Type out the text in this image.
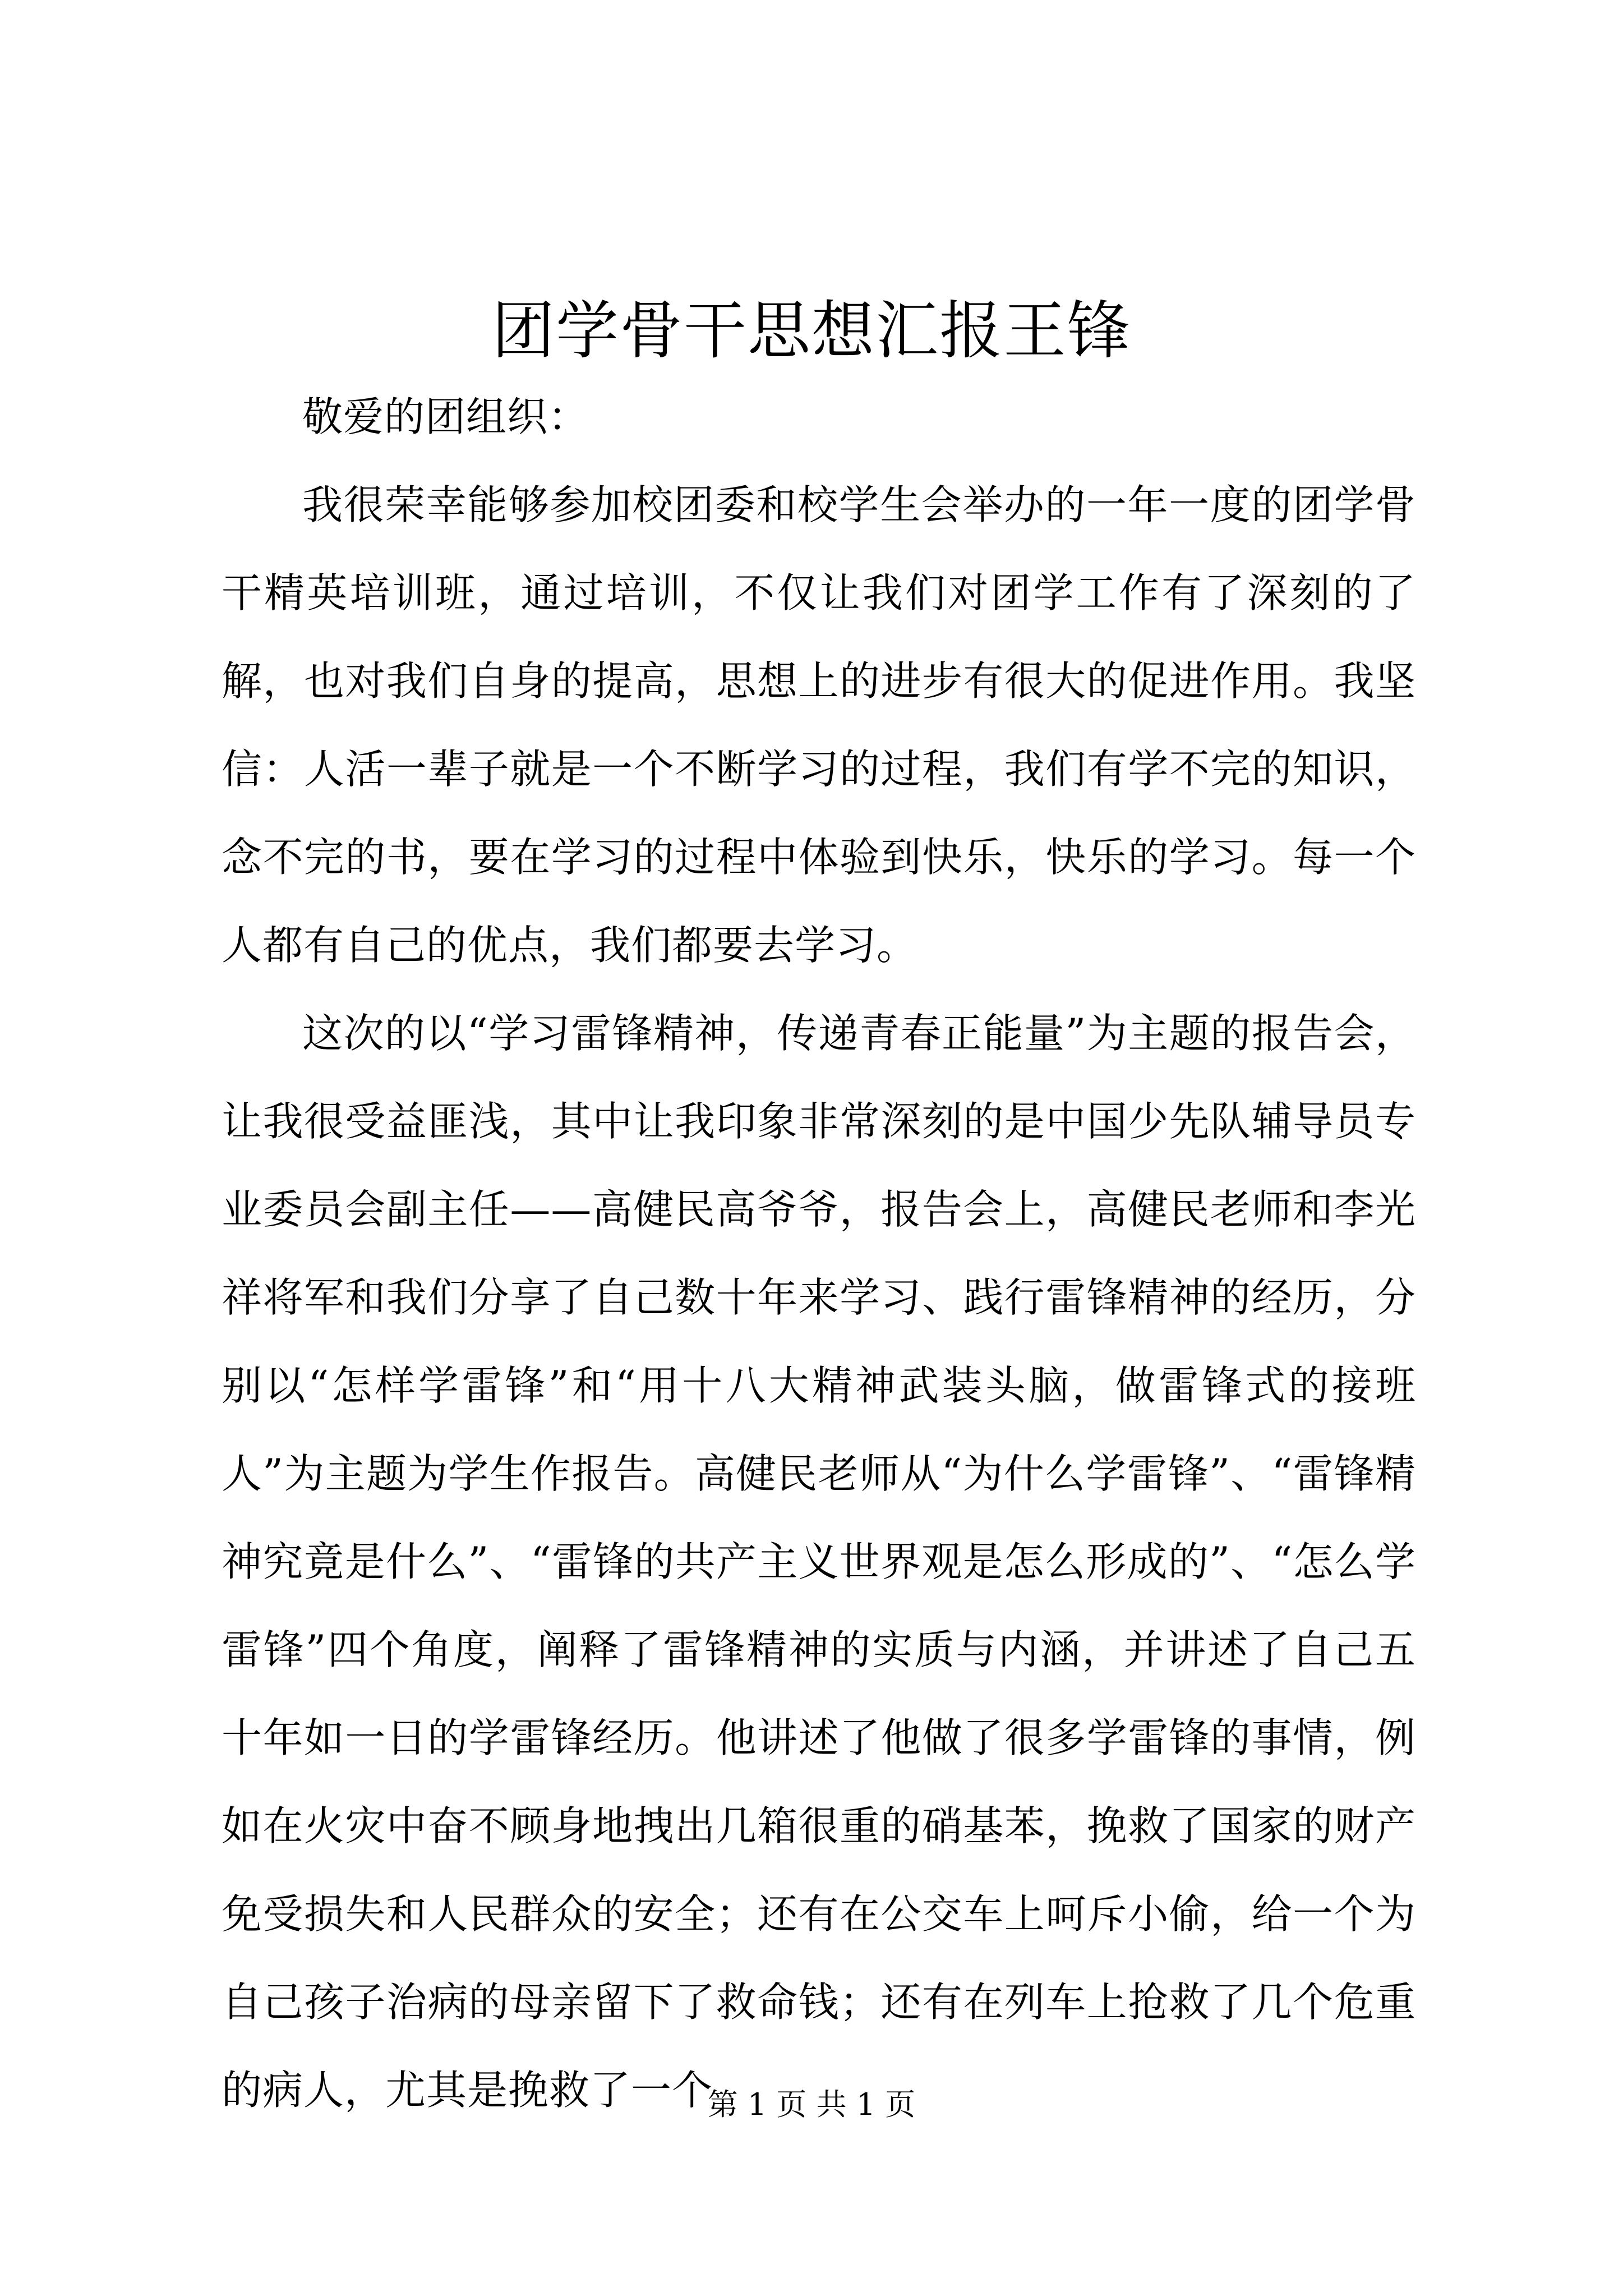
团学骨干思想汇报王锋

敬爱的团组织：

我很荣幸能够参加校团委和校学生会举办的一年一度的团学骨干精英培训班，通过培训，不仅让我们对团学工作有了深刻的了解，也对我们自身的提高，思想上的进步有很大的促进作用。我坚信：人活一辈子就是一个不断学习的过程，我们有学不完的知识，念不完的书，要在学习的过程中体验到快乐，快乐的学习。每一个人都有自己的优点，我们都要去学习。

这次的以“学习雷锋精神，传递青春正能量”为主题的报告会，让我很受益匪浅，其中让我印象非常深刻的是中国少先队辅导员专业委员会副主任——高健民高爷爷，报告会上，高健民老师和李光祥将军和我们分享了自己数十年来学习、践行雷锋精神的经历，分别以“怎样学雷锋”和“用十八大精神武装头脑，做雷锋式的接班人”为主题为学生作报告。高健民老师从“为什么学雷锋”、“雷锋精神究竟是什么”、“雷锋的共产主义世界观是怎么形成的”、“怎么学雷锋”四个角度，阐释了雷锋精神的实质与内涵，并讲述了自己五十年如一日的学雷锋经历。他讲述了他做了很多学雷锋的事情，例如在火灾中奋不顾身地拽出几箱很重的硝基苯，挽救了国家的财产免受损失和人民群众的安全；还有在公交车上呵斥小偷，给一个为自己孩子治病的母亲留下了救命钱；还有在列车上抢救了几个危重的病人，尤其是挽救了一个

第 1 页 共 1 页
